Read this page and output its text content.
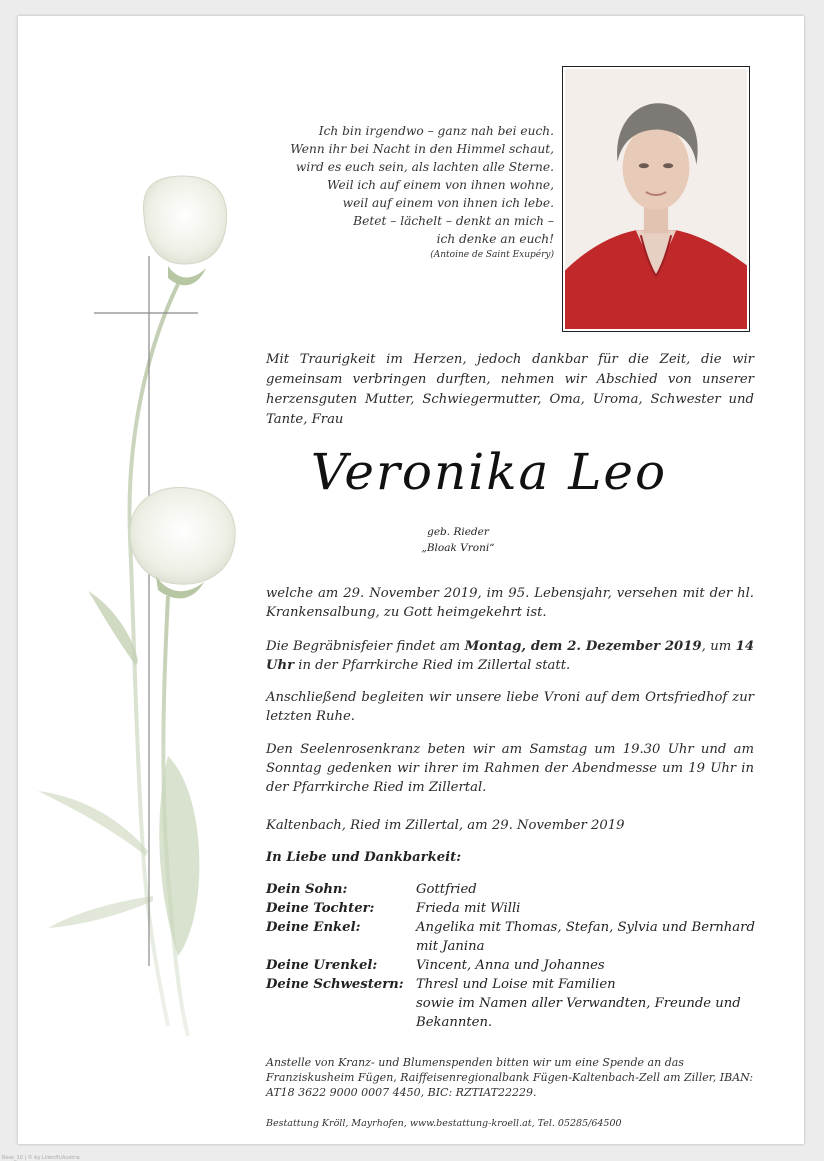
Ich bin irgendwo – ganz nah bei euch.
Wenn ihr bei Nacht in den Himmel schaut,
wird es euch sein, als lachten alle Sterne.
Weil ich auf einem von ihnen wohne,
weil auf einem von ihnen ich lebe.
Betet – lächelt – denkt an mich –
ich denke an euch!
(Antoine de Saint Exupéry)
Mit Traurigkeit im Herzen, jedoch dankbar für die Zeit, die wir gemeinsam verbringen durften, nehmen wir Abschied von unserer herzensguten Mutter, Schwiegermutter, Oma, Uroma, Schwester und Tante, Frau
Veronika Leo
geb. Rieder
„Bloak Vroni“
welche am 29. November 2019, im 95. Lebensjahr, versehen mit der hl. Krankensalbung, zu Gott heimgekehrt ist.
Die Begräbnisfeier findet am Montag, dem 2. Dezember 2019, um 14 Uhr in der Pfarrkirche Ried im Zillertal statt.
Anschließend begleiten wir unsere liebe Vroni auf dem Ortsfriedhof zur letzten Ruhe.
Den Seelenrosenkranz beten wir am Samstag um 19.30 Uhr und am Sonntag gedenken wir ihrer im Rahmen der Abendmesse um 19 Uhr in der Pfarrkirche Ried im Zillertal.
Kaltenbach, Ried im Zillertal, am 29. November 2019
In Liebe und Dankbarkeit:
Dein Sohn:	Gottfried
Deine Tochter:	Frieda mit Willi
Deine Enkel:	Angelika mit Thomas, Stefan, Sylvia und Bernhard mit Janina
Deine Urenkel:	Vincent, Anna und Johannes
Deine Schwestern: Thresl und Loise mit Familien
sowie im Namen aller Verwandten, Freunde und Bekannten.
Anstelle von Kranz- und Blumenspenden bitten wir um eine Spende an das Franziskusheim Fügen, Raiffeisenregionalbank Fügen-Kaltenbach-Zell am Ziller, IBAN: AT18 3622 9000 0007 4450, BIC: RZTIAT22229.
Bestattung Kröll, Mayrhofen, www.bestattung-kroell.at, Tel. 05285/64500
Rose_10 | © by Lilienfit/Austria
